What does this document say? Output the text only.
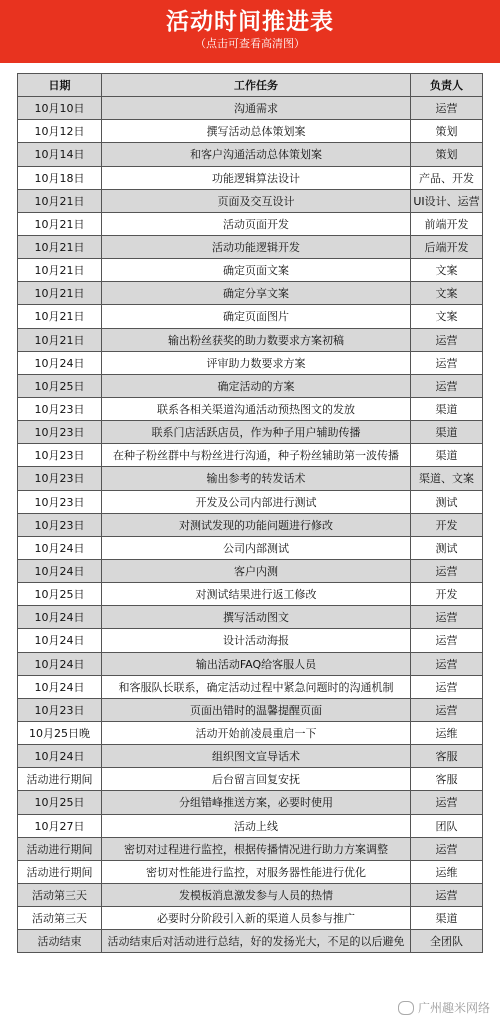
活动时间推进表
（点击可查看高清图）
日期	工作任务	负责人
10月10日	沟通需求	运营
10月12日	撰写活动总体策划案	策划
10月14日	和客户沟通活动总体策划案	策划
10月18日	功能逻辑算法设计	产品、开发
10月21日	页面及交互设计	UI设计、运营
10月21日	活动页面开发	前端开发
10月21日	活动功能逻辑开发	后端开发
10月21日	确定页面文案	文案
10月21日	确定分享文案	文案
10月21日	确定页面图片	文案
10月21日	输出粉丝获奖的助力数要求方案初稿	运营
10月24日	评审助力数要求方案	运营
10月25日	确定活动的方案	运营
10月23日	联系各相关渠道沟通活动预热图文的发放	渠道
10月23日	联系门店活跃店员，作为种子用户辅助传播	渠道
10月23日	在种子粉丝群中与粉丝进行沟通，种子粉丝辅助第一波传播	渠道
10月23日	输出参考的转发话术	渠道、文案
10月23日	开发及公司内部进行测试	测试
10月23日	对测试发现的功能问题进行修改	开发
10月24日	公司内部测试	测试
10月24日	客户内测	运营
10月25日	对测试结果进行返工修改	开发
10月24日	撰写活动图文	运营
10月24日	设计活动海报	运营
10月24日	输出活动FAQ给客服人员	运营
10月24日	和客服队长联系，确定活动过程中紧急问题时的沟通机制	运营
10月23日	页面出错时的温馨提醒页面	运营
10月25日晚	活动开始前凌晨重启一下	运维
10月24日	组织图文宣导话术	客服
活动进行期间	后台留言回复安抚	客服
10月25日	分组错峰推送方案，必要时使用	运营
10月27日	活动上线	团队
活动进行期间	密切对过程进行监控，根据传播情况进行助力方案调整	运营
活动进行期间	密切对性能进行监控，对服务器性能进行优化	运维
活动第三天	发模板消息激发参与人员的热情	运营
活动第三天	必要时分阶段引入新的渠道人员参与推广	渠道
活动结束	活动结束后对活动进行总结，好的发扬光大，不足的以后避免	全团队
广州趣米网络
